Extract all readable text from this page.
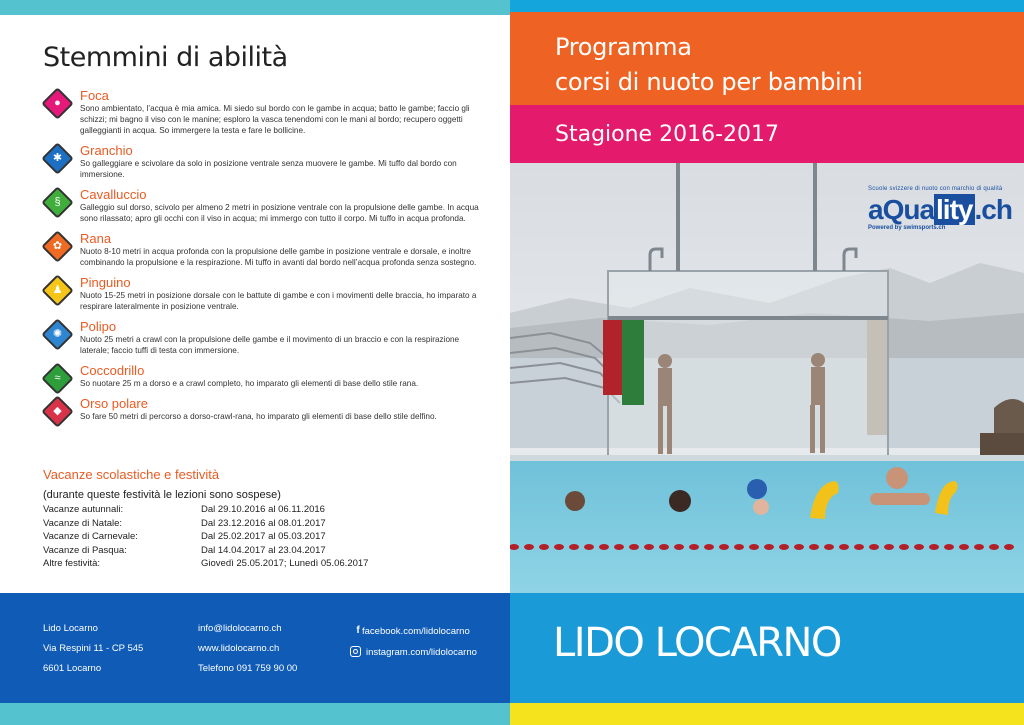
Stemmini di abilità
● Foca
Sono ambientato, l’acqua è mia amica. Mi siedo sul bordo con le gambe in acqua; batto le gambe; faccio gli schizzi; mi bagno il viso con le manine; esploro la vasca tenendomi con le mani al bordo; recupero oggetti galleggianti in acqua. So immergere la testa e fare le bollicine.
✱ Granchio
So galleggiare e scivolare da solo in posizione ventrale senza muovere le gambe. Mi tuffo dal bordo con immersione.
§ Cavalluccio
Galleggio sul dorso, scivolo per almeno 2 metri in posizione ventrale con la propulsione delle gambe. In acqua sono rilassato; apro gli occhi con il viso in acqua; mi immergo con tutto il corpo. Mi tuffo in acqua profonda.
✿ Rana
Nuoto 8-10 metri in acqua profonda con la propulsione delle gambe in posizione ventrale e dorsale, e inoltre combinando la propulsione e la respirazione. Mi tuffo in avanti dal bordo nell’acqua profonda senza sostegno.
♟ Pinguino
Nuoto 15-25 metri in posizione dorsale con le battute di gambe e con i movimenti delle braccia, ho imparato a respirare lateralmente in posizione ventrale.
✺ Polipo
Nuoto 25 metri a crawl con la propulsione delle gambe e il movimento di un braccio e con la respirazione laterale; faccio tuffi di testa con immersione.
≈ Coccodrillo
So nuotare 25 m a dorso e a crawl completo, ho imparato gli elementi di base dello stile rana.
◆ Orso polare
So fare 50 metri di percorso a dorso-crawl-rana, ho imparato gli elementi di base dello stile delfino.
Vacanze scolastiche e festività
(durante queste festività le lezioni sono sospese)
Vacanze autunnali:	Dal 29.10.2016 al 06.11.2016
Vacanze di Natale:	Dal 23.12.2016 al 08.01.2017
Vacanze di Carnevale:	Dal 25.02.2017 al 05.03.2017
Vacanze di Pasqua:	Dal 14.04.2017 al 23.04.2017
Altre festività:	Giovedì 25.05.2017; Lunedì 05.06.2017
Lido Locarno
Via Respini 11 - CP 545
6601 Locarno
info@lidolocarno.ch
www.lidolocarno.ch
Telefono 091 759 90 00
f facebook.com/lidolocarno
instagram.com/lidolocarno
Programma
corsi di nuoto per bambini
Stagione 2016-2017
Scuole svizzere di nuoto con marchio di qualità
aQuality.ch
Powered by swimsports.ch
LIDO LOCARNO
